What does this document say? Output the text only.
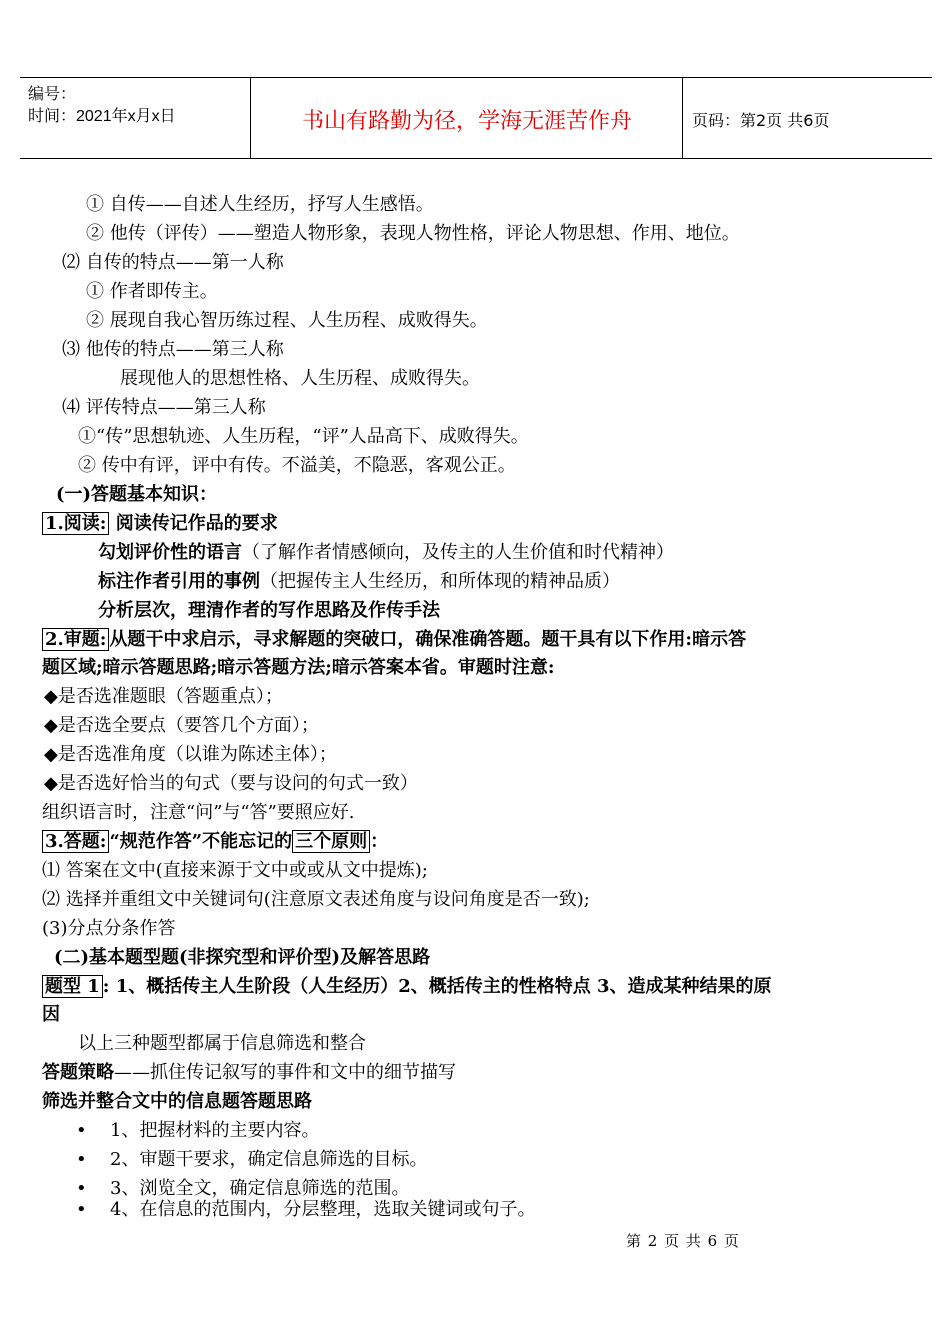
编号：
时间：2021年x月x日	书山有路勤为径，学海无涯苦作舟	页码：第2页 共6页
① 自传——自述人生经历，抒写人生感悟。
② 他传（评传）——塑造人物形象，表现人物性格，评论人物思想、作用、地位。
⑵ 自传的特点——第一人称
① 作者即传主。
② 展现自我心智历练过程、人生历程、成败得失。
⑶ 他传的特点——第三人称
展现他人的思想性格、人生历程、成败得失。
⑷ 评传特点——第三人称
①“传”思想轨迹、人生历程，“评”人品高下、成败得失。
② 传中有评，评中有传。不溢美，不隐恶，客观公正。
(一)答题基本知识：
1.阅读: 阅读传记作品的要求
勾划评价性的语言（了解作者情感倾向，及传主的人生价值和时代精神）
标注作者引用的事例（把握传主人生经历，和所体现的精神品质）
分析层次，理清作者的写作思路及作传手法
2.审题: 从题干中求启示，寻求解题的突破口，确保准确答题。题干具有以下作用:暗示答
题区域;暗示答题思路;暗示答题方法;暗示答案本省。审题时注意:
◆是否选准题眼（答题重点）；
◆是否选全要点（要答几个方面）；
◆是否选准角度（以谁为陈述主体）；
◆是否选好恰当的句式（要与设问的句式一致）
组织语言时，注意“问”与“答”要照应好.
3.答题: “规范作答”不能忘记的 三个原则 ：
⑴ 答案在文中(直接来源于文中或或从文中提炼);
⑵ 选择并重组文中关键词句(注意原文表述角度与设问角度是否一致);
(3)分点分条作答
(二)基本题型题(非探究型和评价型)及解答思路
题型 1 : 1、概括传主人生阶段（人生经历）2、概括传主的性格特点 3、造成某种结果的原
因
以上三种题型都属于信息筛选和整合
答题策略——抓住传记叙写的事件和文中的细节描写
筛选并整合文中的信息题答题思路
• 1、把握材料的主要内容。
• 2、审题干要求，确定信息筛选的目标。
• 3、浏览全文，确定信息筛选的范围。
• 4、在信息的范围内，分层整理，选取关键词或句子。
第 2 页 共 6 页
